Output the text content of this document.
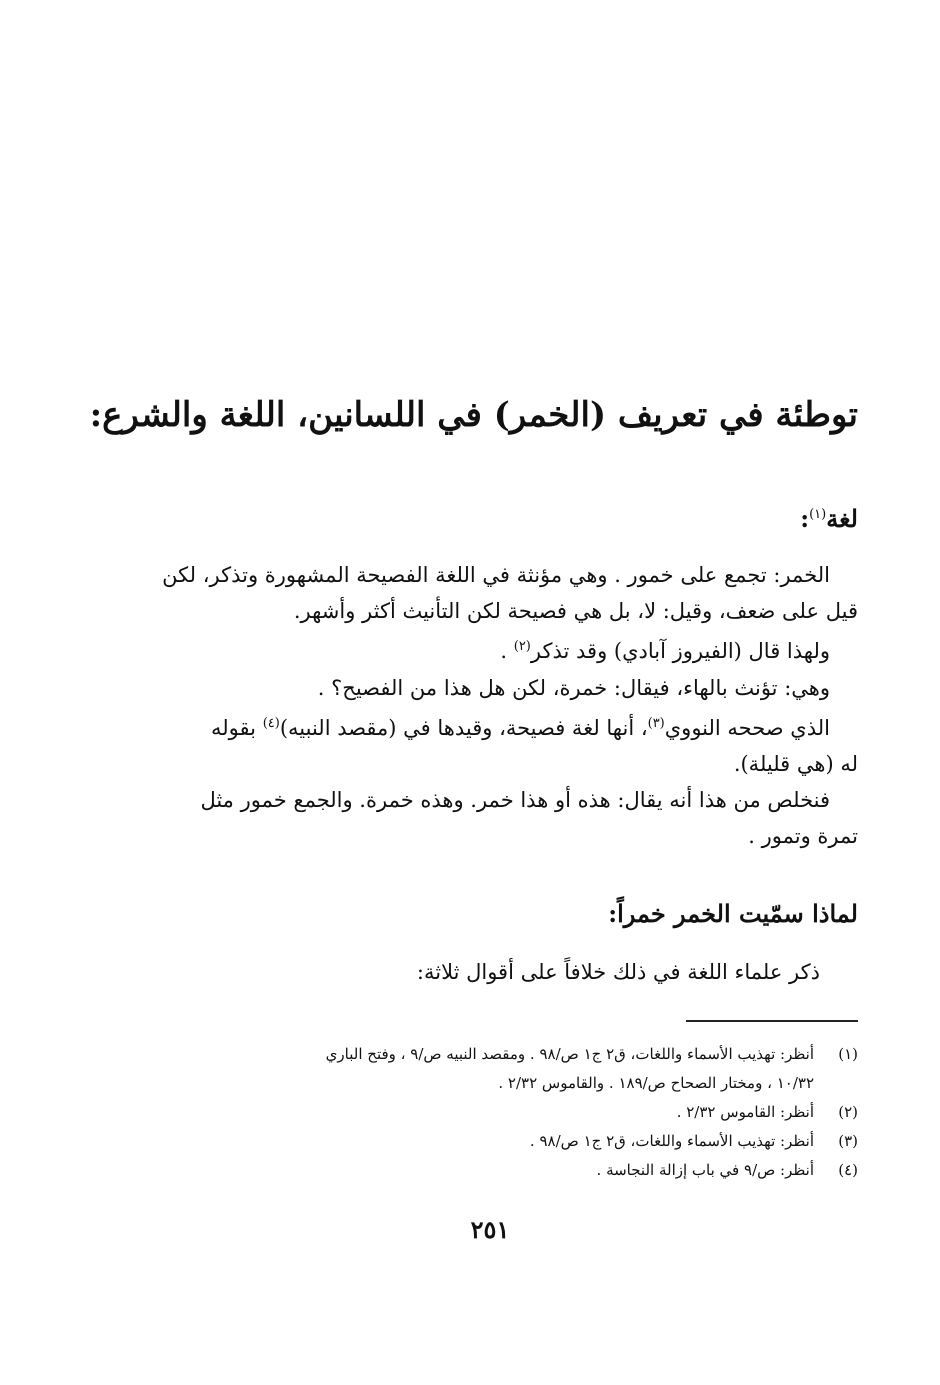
توطئة في تعريف (الخمر) في اللسانين، اللغة والشرع:
لغة$^{(١)}$:

الخمر: تجمع على خمور . وهي مؤنثة في اللغة الفصيحة المشهورة وتذكر، لكن

قيل على ضعف، وقيل: لا، بل هي فصيحة لكن التأنيث أكثر وأشهر.

ولهذا قال (الفيروز آبادي) وقد تذكر$^{(٢)}$ .

وهي: تؤنث بالهاء، فيقال: خمرة، لكن هل هذا من الفصيح؟ .

الذي صححه النووي$^{(٣)}$، أنها لغة فصيحة، وقيدها في (مقصد النبيه)$^{(٤)}$ بقوله

له (هي قليلة).

فنخلص من هذا أنه يقال: هذه أو هذا خمر. وهذه خمرة. والجمع خمور مثل

تمرة وتمور .

لماذا سمّيت الخمر خمراً:
ذكر علماء اللغة في ذلك خلافاً على أقوال ثلاثة:
(١)
أنظر: تهذيب الأسماء واللغات، ق٢ ج١ ص/٩٨ . ومقصد النبيه ص/٩ ، وفتح الباري
١٠/٣٢ ، ومختار الصحاح ص/١٨٩ . والقاموس ٢/٣٢ .
(٢)
أنظر: القاموس ٢/٣٢ .
(٣)
أنظر: تهذيب الأسماء واللغات، ق٢ ج١ ص/٩٨ .
(٤)
أنظر: ص/٩ في باب إزالة النجاسة .
٢٥١
